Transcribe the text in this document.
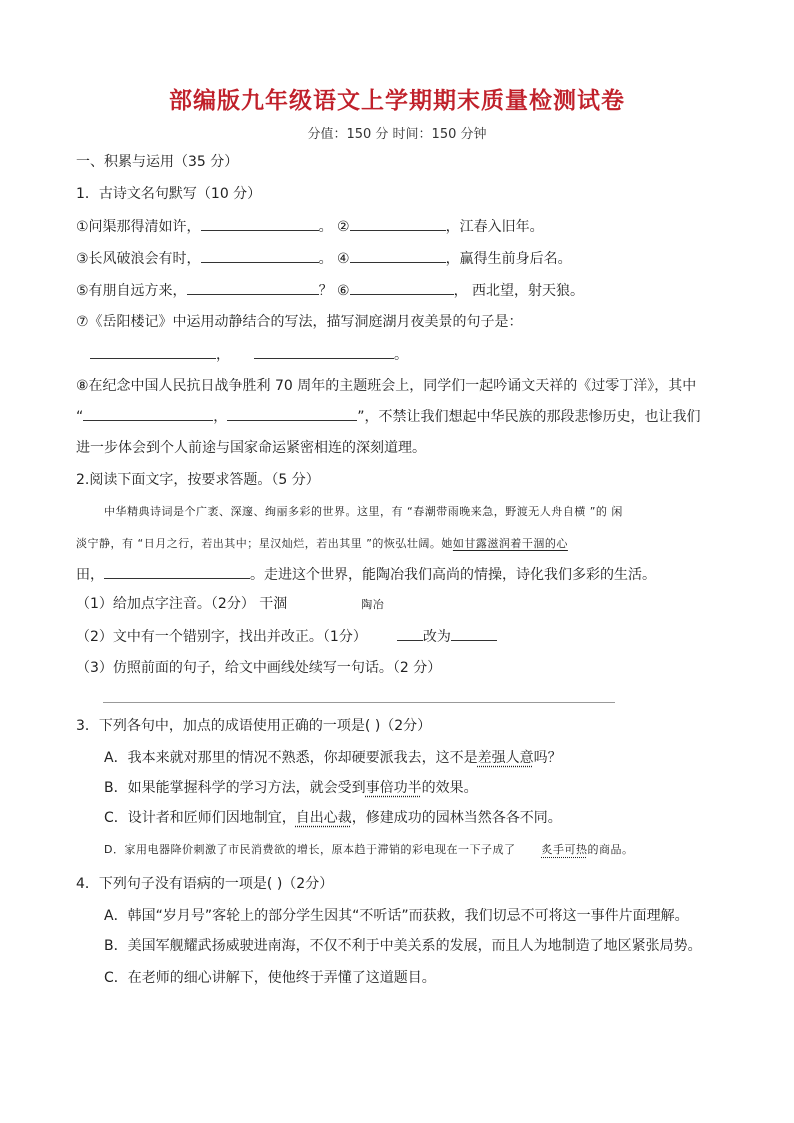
部编版九年级语文上学期期末质量检测试卷
分值：150 分 时间：150 分钟
一、积累与运用（35 分）
1．古诗文名句默写（10 分）
①问渠那得清如许，	。 ②	，江春入旧年。
③长风破浪会有时，	。 ④	，赢得生前身后名。
⑤有朋自远方来，	？ ⑥	， 西北望，射天狼。
⑦《岳阳楼记》中运用动静结合的写法，描写洞庭湖月夜美景的句子是：
，	。
⑧在纪念中国人民抗日战争胜利 70 周年的主题班会上，同学们一起吟诵文天祥的《过零丁洋》，其中
“	，	”，不禁让我们想起中华民族的那段悲惨历史，也让我们
进一步体会到个人前途与国家命运紧密相连的深刻道理。
2.阅读下面文字，按要求答题。（5 分）
中华精典诗词是个广袤、深邃、绚丽多彩的世界。这里，有 “春潮带雨晚来急，野渡无人舟自横 ”的 闲
淡宁静，有 “日月之行，若出其中；星汉灿烂，若出其里 ”的恢弘壮阔。她如甘露滋润着干涸的心
田，	。走进这个世界，能陶冶我们高尚的情操，诗化我们多彩的生活。
（1）给加点字注音。（2分） 干涸	陶冶
（2）文中有一个错别字，找出并改正。（1分）	改为
（3）仿照前面的句子，给文中画线处续写一句话。（2 分）
3．下列各句中，加点的成语使用正确的一项是( )（2分）
A．我本来就对那里的情况不熟悉，你却硬要派我去，这不是差强人意吗？
B．如果能掌握科学的学习方法，就会受到事倍功半的效果。
C．设计者和匠师们因地制宜，自出心裁，修建成功的园林当然各各不同。
D．家用电器降价刺激了市民消费欲的增长，原本趋于滞销的彩电现在一下子成了 炙手可热的商品。
4．下列句子没有语病的一项是( )（2分）
A．韩国“岁月号”客轮上的部分学生因其“不听话”而获救，我们切忌不可将这一事件片面理解。
B．美国军舰耀武扬威驶进南海，不仅不利于中美关系的发展，而且人为地制造了地区紧张局势。
C．在老师的细心讲解下，使他终于弄懂了这道题目。
